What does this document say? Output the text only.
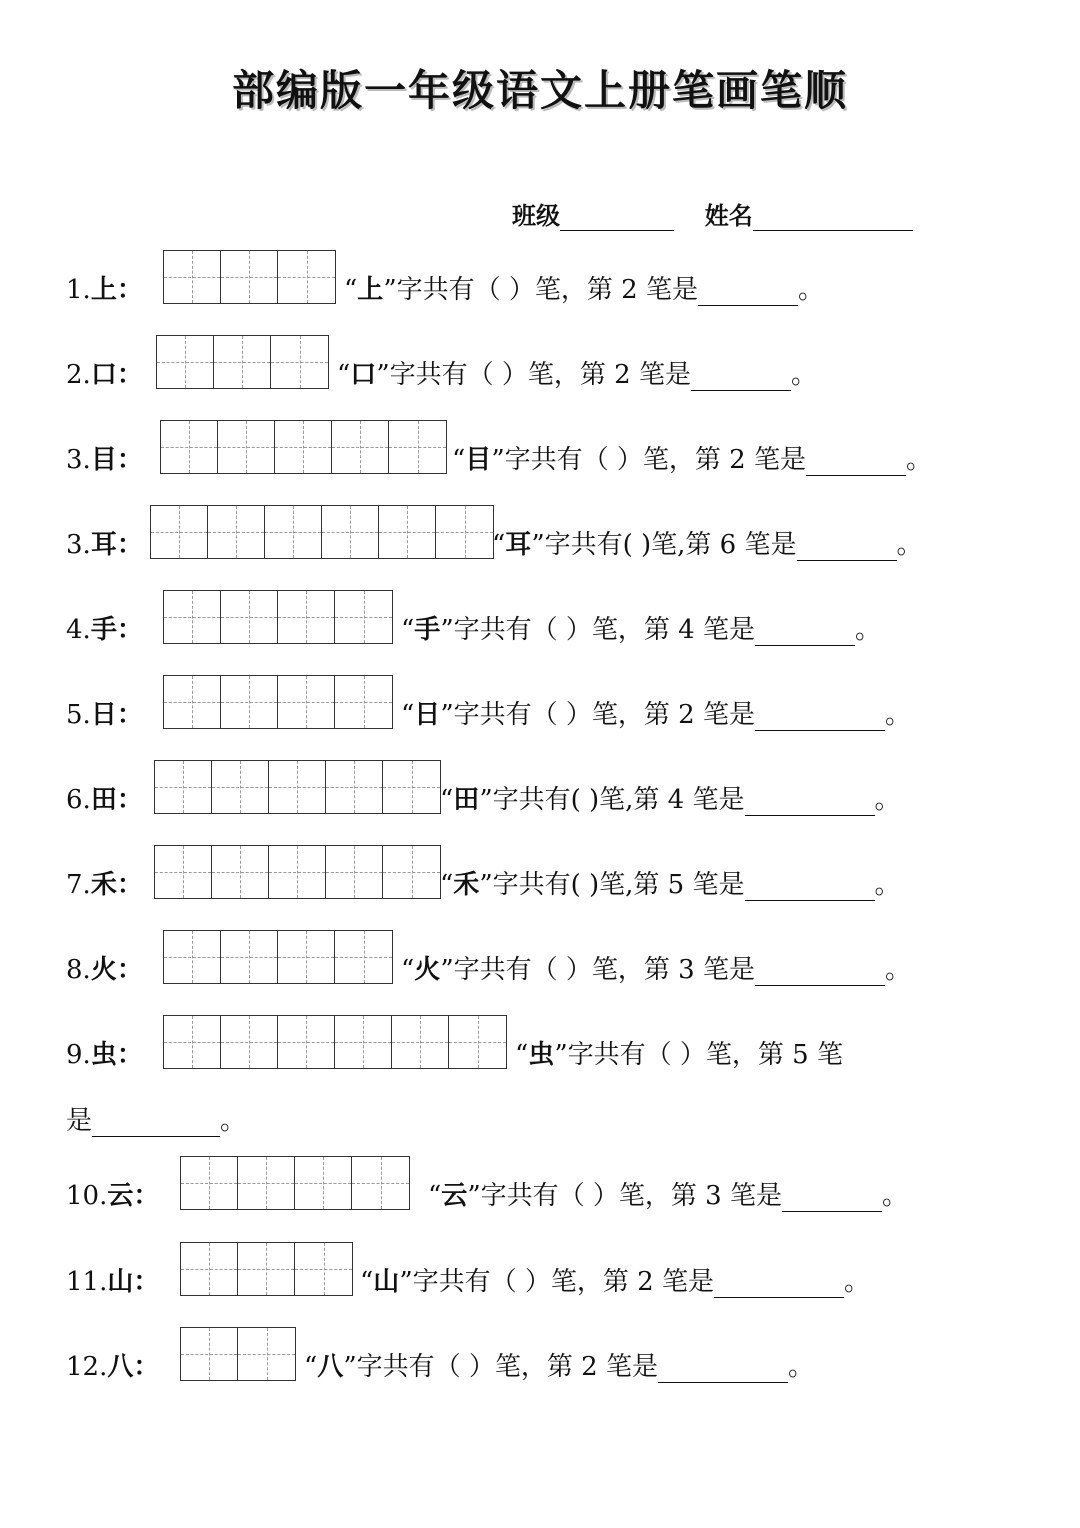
部编版一年级语文上册笔画笔顺
班级	姓名
1.上：	“上”字共有（ ）笔，第 2 笔是	。
2.口：	“口”字共有（ ）笔，第 2 笔是	。
3.目：	“目”字共有（ ）笔，第 2 笔是	。
3.耳：	“耳”字共有( )笔,第 6 笔是	。
4.手：	“手”字共有（ ）笔，第 4 笔是	。
5.日：	“日”字共有（ ）笔，第 2 笔是	。
6.田：	“田”字共有( )笔,第 4 笔是	。
7.禾：	“禾”字共有( )笔,第 5 笔是	。
8.火：	“火”字共有（ ）笔，第 3 笔是	。
9.虫：	“虫”字共有（ ）笔，第 5 笔
10.云：	“云”字共有（ ）笔，第 3 笔是	。
11.山：	“山”字共有（ ）笔，第 2 笔是	。
12.八：	“八”字共有（ ）笔，第 2 笔是	。
是	。
